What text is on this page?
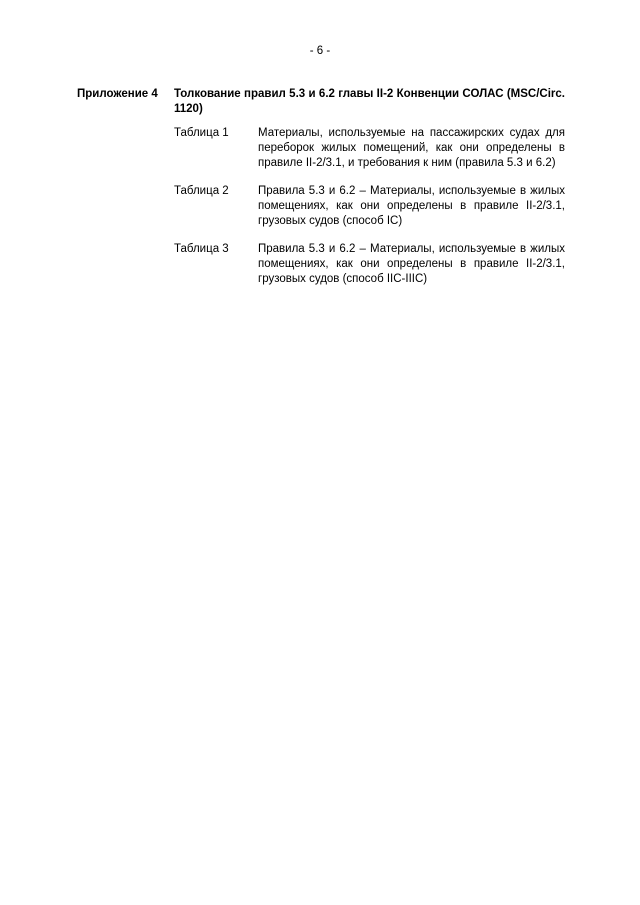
- 6 -
Приложение 4	Толкование правил 5.3 и 6.2 главы II-2 Конвенции СОЛАС (MSC/Circ. 1120)
Таблица 1	Материалы, используемые на пассажирских судах для переборок жилых помещений, как они определены в правиле II-2/3.1, и требования к ним (правила 5.3 и 6.2)
Таблица 2	Правила 5.3 и 6.2 – Материалы, используемые в жилых помещениях, как они определены в правиле II-2/3.1, грузовых судов (способ IC)
Таблица 3	Правила 5.3 и 6.2 – Материалы, используемые в жилых помещениях, как они определены в правиле II-2/3.1, грузовых судов (способ IIC-IIIC)
